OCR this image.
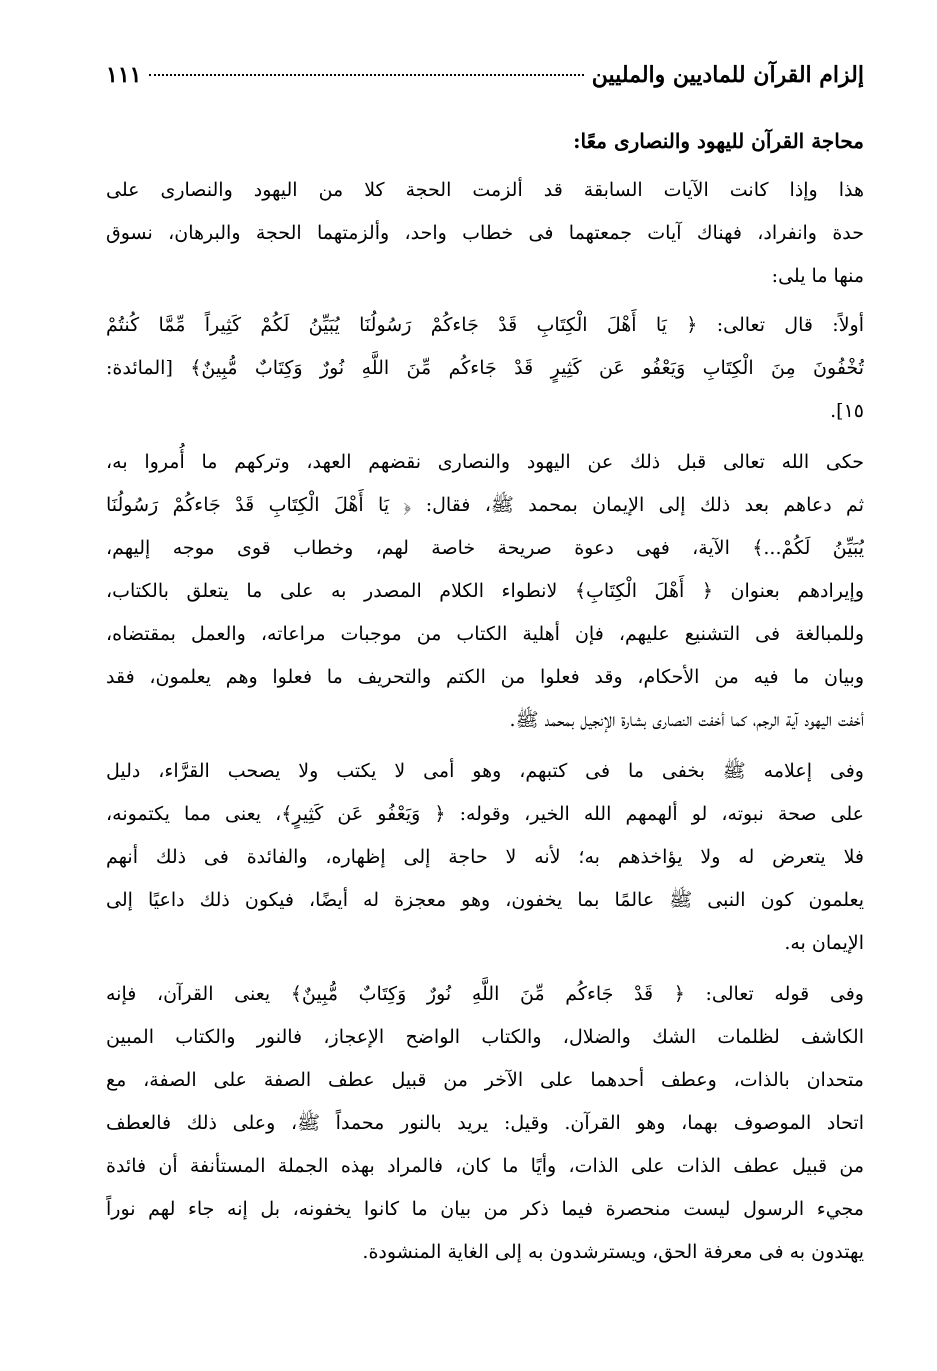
إلزام القرآن للماديين والمليين
١١١
محاجة القرآن لليهود والنصارى معًا:
هذا وإذا كانت الآيات السابقة قد ألزمت الحجة كلا من اليهود والنصارى على
حدة وانفراد، فهناك آيات جمعتهما فى خطاب واحد، وألزمتهما الحجة والبرهان، نسوق
منها ما يلى:
أولاً: قال تعالى: ﴿ يَا أَهْلَ الْكِتَابِ قَدْ جَاءكُمْ رَسُولُنَا يُبَيِّنُ لَكُمْ كَثِيراً مِّمَّا كُنتُمْ
تُخْفُونَ مِنَ الْكِتَابِ وَيَعْفُو عَن كَثِيرٍ قَدْ جَاءكُم مِّنَ اللَّهِ نُورٌ وَكِتَابٌ مُّبِينٌ﴾ [المائدة:
١٥].
حكى الله تعالى قبل ذلك عن اليهود والنصارى نقضهم العهد، وتركهم ما أُمروا به،
ثم دعاهم بعد ذلك إلى الإيمان بمحمد ﷺ، فقال: ﴿ يَا أَهْلَ الْكِتَابِ قَدْ جَاءكُمْ رَسُولُنَا
يُبَيِّنُ لَكُمْ...﴾ الآية، فهى دعوة صريحة خاصة لهم، وخطاب قوى موجه إليهم،
وإيرادهم بعنوان ﴿ أَهْلَ الْكِتَابِ﴾ لانطواء الكلام المصدر به على ما يتعلق بالكتاب،
وللمبالغة فى التشنيع عليهم، فإن أهلية الكتاب من موجبات مراعاته، والعمل بمقتضاه،
وبيان ما فيه من الأحكام، وقد فعلوا من الكتم والتحريف ما فعلوا وهم يعلمون، فقد
أخفت اليهود آية الرجم، كما أخفت النصارى بشارة الإنجيل بمحمد ﷺ.
وفى إعلامه ﷺ بخفى ما فى كتبهم، وهو أمى لا يكتب ولا يصحب القرَّاء، دليل
على صحة نبوته، لو ألهمهم الله الخير، وقوله: ﴿ وَيَعْفُو عَن كَثِيرٍ﴾، يعنى مما يكتمونه،
فلا يتعرض له ولا يؤاخذهم به؛ لأنه لا حاجة إلى إظهاره، والفائدة فى ذلك أنهم
يعلمون كون النبى ﷺ عالمًا بما يخفون، وهو معجزة له أيضًا، فيكون ذلك داعيًا إلى
الإيمان به.
وفى قوله تعالى: ﴿ قَدْ جَاءكُم مِّنَ اللَّهِ نُورٌ وَكِتَابٌ مُّبِينٌ﴾ يعنى القرآن، فإنه
الكاشف لظلمات الشك والضلال، والكتاب الواضح الإعجاز، فالنور والكتاب المبين
متحدان بالذات، وعطف أحدهما على الآخر من قبيل عطف الصفة على الصفة، مع
اتحاد الموصوف بهما، وهو القرآن. وقيل: يريد بالنور محمداً ﷺ، وعلى ذلك فالعطف
من قبيل عطف الذات على الذات، وأيًا ما كان، فالمراد بهذه الجملة المستأنفة أن فائدة
مجيء الرسول ليست منحصرة فيما ذكر من بيان ما كانوا يخفونه، بل إنه جاء لهم نوراً
يهتدون به فى معرفة الحق، ويسترشدون به إلى الغاية المنشودة.
